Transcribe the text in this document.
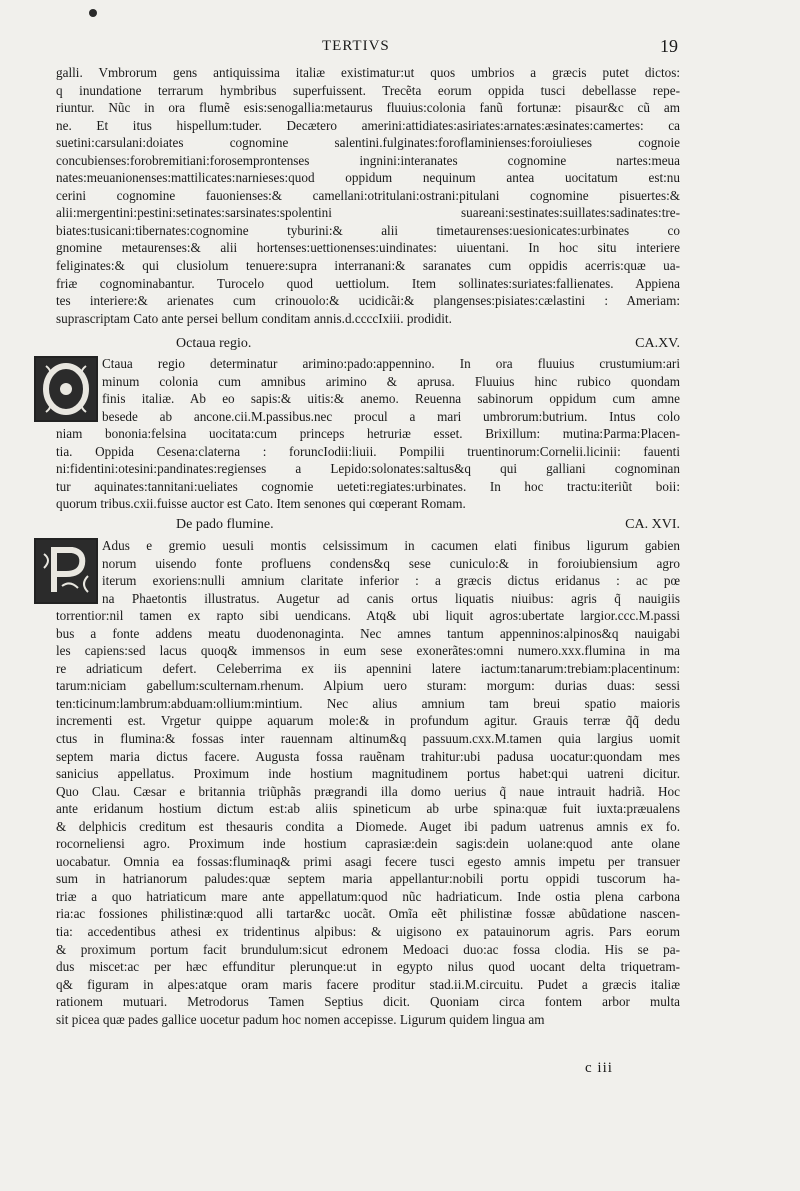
TERTIVS	19
galli. Vmbrorum gens antiquissima italiæ existimatur:ut quos umbrios a græcis putet dictos:
q inundatione terrarum hymbribus superfuissent. Trecẽta eorum oppida tusci debellasse repe-
riuntur. Nũc in ora flumẽ esis:senogallia:metaurus fluuius:colonia fanũ fortunæ: pisaur&c cũ am
ne. Et itus hispellum:tuder. Decætero amerini:attidiates:asiriates:arnates:æsinates:camertes: ca
suetini:carsulani:doiates cognomine salentini.fulginates:foroflaminienses:foroiulieses cognoie
concubienses:forobremitiani:forosemprontenses ingnini:interanates cognomine nartes:meua
nates:meuanionenses:mattilicates:narnieses:quod oppidum nequinum antea uocitatum est:nu
cerini cognomine fauonienses:& camellani:otritulani:ostrani:pitulani cognomine pisuertes:&
alii:mergentini:pestini:setinates:sarsinates:spolentini suareani:sestinates:suillates:sadinates:tre-
biates:tusicani:tibernates:cognomine tyburini:& alii timetaurenses:uesionicates:urbinates co
gnomine metaurenses:& alii hortenses:uettionenses:uindinates: uiuentani. In hoc situ interiere
feliginates:& qui clusiolum tenuere:supra interranani:& saranates cum oppidis acerris:quæ ua-
friæ cognominabantur. Turocelo quod uettiolum. Item sollinates:suriates:fallienates. Appiena
tes interiere:& arienates cum crinouolo:& ucidicãi:& plangenses:pisiates:cælastini : Ameriam:
suprascriptam Cato ante persei bellum conditam annis.d.ccccIxiii. prodidit.
Octaua regio.	CA.XV.
Ctaua regio determinatur arimino:pado:appennino. In ora fluuius crustumium:ari
minum colonia cum amnibus arimino & aprusa. Fluuius hinc rubico quondam
finis italiæ. Ab eo sapis:& uitis:& anemo. Reuenna sabinorum oppidum cum amne
besede ab ancone.cii.M.passibus.nec procul a mari umbrorum:butrium. Intus colo
niam bononia:felsina uocitata:cum princeps hetruriæ esset. Brixillum: mutina:Parma:Placen-
tia. Oppida Cesena:claterna : foruncIodii:liuii. Pompilii truentinorum:Cornelii.licinii: fauenti
ni:fidentini:otesini:pandinates:regienses a Lepido:solonates:saltus&q qui galliani cognominan
tur aquinates:tannitani:ueliates cognomie ueteti:regiates:urbinates. In hoc tractu:iteriũt boii:
quorum tribus.cxii.fuisse auctor est Cato. Item senones qui cœperant Romam.
De pado flumine.	CA. XVI.
Adus e gremio uesuli montis celsissimum in cacumen elati finibus ligurum gabien
norum uisendo fonte profluens condens&q sese cuniculo:& in foroiubiensium agro
iterum exoriens:nulli amnium claritate inferior : a græcis dictus eridanus : ac pœ
na Phaetontis illustratus. Augetur ad canis ortus liquatis niuibus: agris q̃ nauigiis
torrentior:nil tamen ex rapto sibi uendicans. Atq& ubi liquit agros:ubertate largior.ccc.M.passi
bus a fonte addens meatu duodenonaginta. Nec amnes tantum appenninos:alpinos&q nauigabi
les capiens:sed lacus quoq& immensos in eum sese exonerãtes:omni numero.xxx.flumina in ma
re adriaticum defert. Celeberrima ex iis apennini latere iactum:tanarum:trebiam:placentinum:
tarum:niciam gabellum:sculternam.rhenum. Alpium uero sturam: morgum: durias duas: sessi
ten:ticinum:lambrum:abduam:ollium:mintium. Nec alius amnium tam breui spatio maioris
incrementi est. Vrgetur quippe aquarum mole:& in profundum agitur. Grauis terræ q̃q̃ dedu
ctus in flumina:& fossas inter rauennam altinum&q passuum.cxx.M.tamen quia largius uomit
septem maria dictus facere. Augusta fossa rauẽnam trahitur:ubi padusa uocatur:quondam mes
sanicius appellatus. Proximum inde hostium magnitudinem portus habet:qui uatreni dicitur.
Quo Clau. Cæsar e britannia triũphãs prægrandi illa domo uerius q̃ naue intrauit hadriã. Hoc
ante eridanum hostium dictum est:ab aliis spineticum ab urbe spina:quæ fuit iuxta:præualens
& delphicis creditum est thesauris condita a Diomede. Auget ibi padum uatrenus amnis ex fo.
rocorneliensi agro. Proximum inde hostium caprasiæ:dein sagis:dein uolane:quod ante olane
uocabatur. Omnia ea fossas:fluminaq& primi asagi fecere tusci egesto amnis impetu per transuer
sum in hatrianorum paludes:quæ septem maria appellantur:nobili portu oppidi tuscorum ha-
triæ a quo hatriaticum mare ante appellatum:quod nũc hadriaticum. Inde ostia plena carbona
ria:ac fossiones philistinæ:quod alli tartar&c uocãt. Omĩa eẽt philistinæ fossæ abũdatione nascen-
tia: accedentibus athesi ex tridentinus alpibus: & uigisono ex patauinorum agris. Pars eorum
& proximum portum facit brundulum:sicut edronem Medoaci duo:ac fossa clodia. His se pa-
dus miscet:ac per hæc effunditur plerunque:ut in egypto nilus quod uocant delta triquetram-
q& figuram in alpes:atque oram maris facere proditur stad.ii.M.circuitu. Pudet a græcis italiæ
rationem mutuari. Metrodorus Tamen Septius dicit. Quoniam circa fontem arbor multa
sit picea quæ pades gallice uocetur padum hoc nomen accepisse. Ligurum quidem lingua am
c iii
